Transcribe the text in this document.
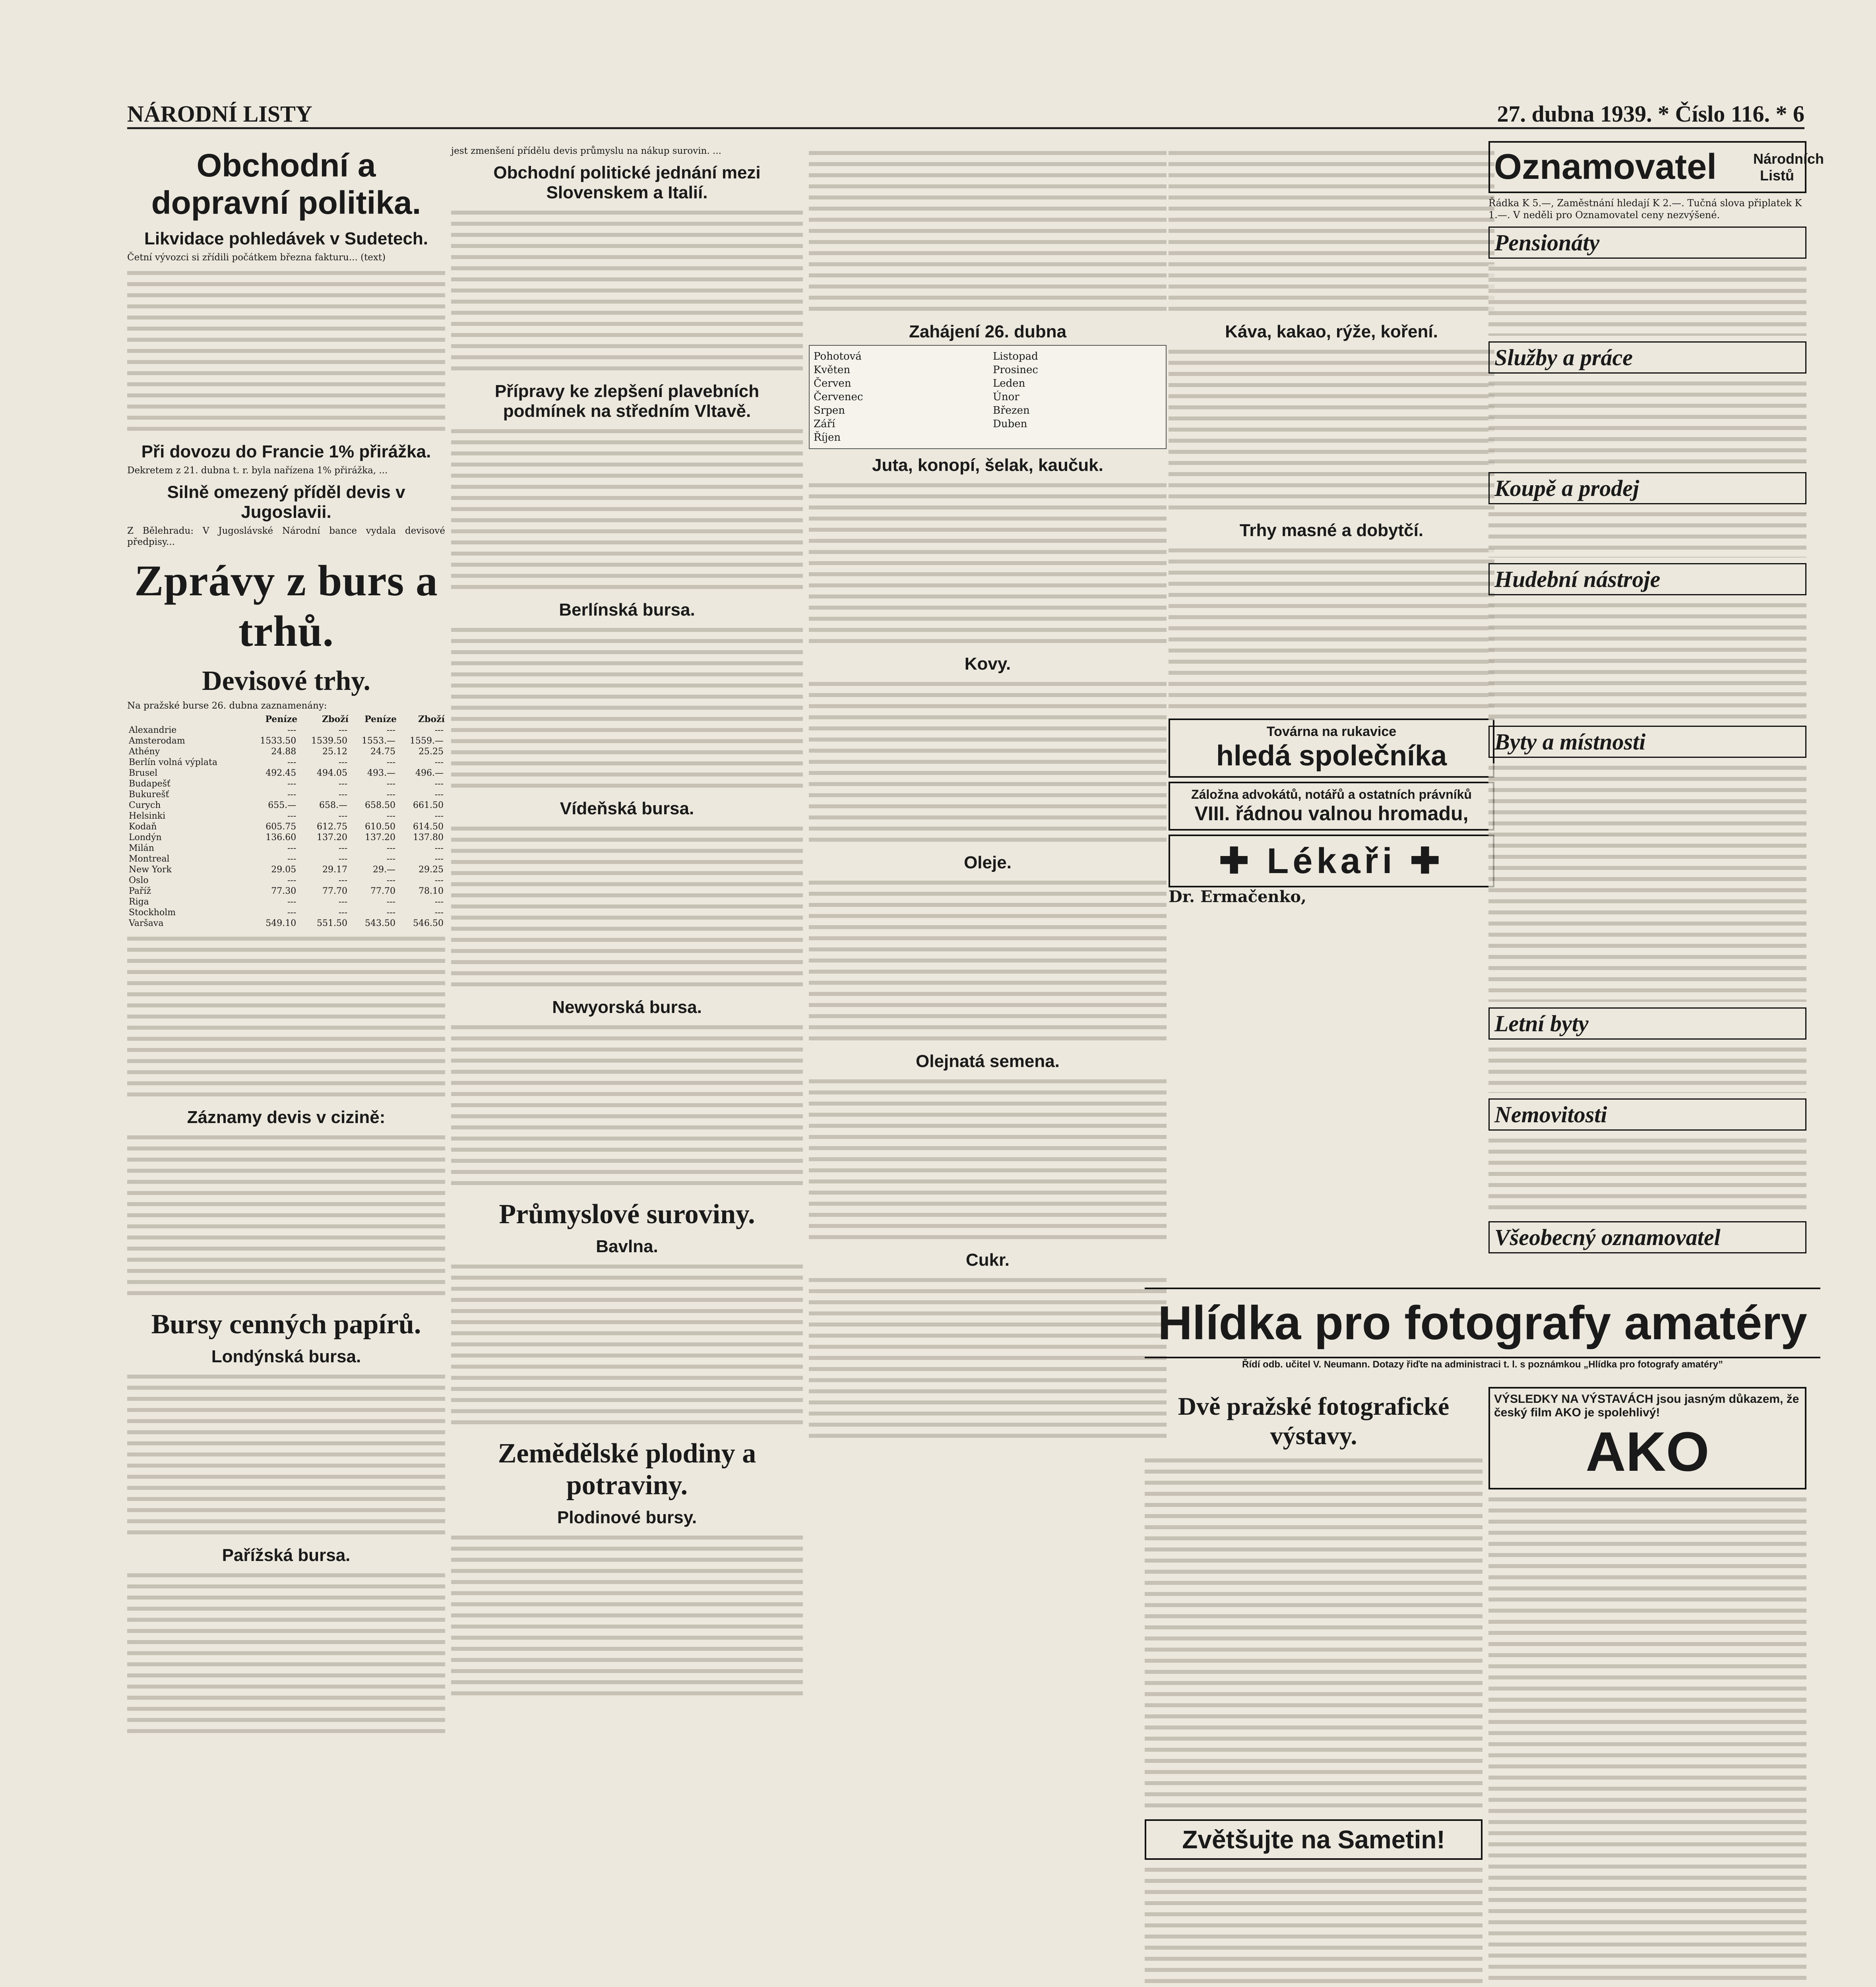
NÁRODNÍ LISTY	27. dubna 1939. * Číslo 116. * 6
Obchodní a dopravní politika.
Likvidace pohledávek v Sudetech.
Četní vývozci si zřídili počátkem března fakturu... (text)
Při dovozu do Francie 1% přirážka.
Dekretem z 21. dubna t. r. byla nařízena 1% přirážka, ...
Silně omezený příděl devis v Jugoslavii.
Z Bělehradu: V Jugoslávské Národní bance vydala devisové předpisy...
Zprávy z burs a trhů.
Devisové trhy.
Na pražské burse 26. dubna zaznamenány:
	Peníze	Zboží	Peníze	Zboží
Alexandrie	---	---	---	---
Amsterodam	1533.50	1539.50	1553.—	1559.—
Athény	24.88	25.12	24.75	25.25
Berlín volná výplata	---	---	---	---
Brusel	492.45	494.05	493.—	496.—
Budapešť	---	---	---	---
Bukurešť	---	---	---	---
Curych	655.—	658.—	658.50	661.50
Helsinki	---	---	---	---
Kodaň	605.75	612.75	610.50	614.50
Londýn	136.60	137.20	137.20	137.80
Milán	---	---	---	---
Montreal	---	---	---	---
New York	29.05	29.17	29.—	29.25
Oslo	---	---	---	---
Paříž	77.30	77.70	77.70	78.10
Riga	---	---	---	---
Stockholm	---	---	---	---
Varšava	549.10	551.50	543.50	546.50
Záznamy devis v cizině:
Bursy cenných papírů.
Londýnská bursa.
Pařížská bursa.
jest zmenšení přídělu devis průmyslu na nákup surovin. ...
Obchodní politické jednání mezi Slovenskem a Italií.
Přípravy ke zlepšení plavebních podmínek na středním Vltavě.
Berlínská bursa.
Vídeňská bursa.
Newyorská bursa.
Průmyslové suroviny.
Bavlna.
Zemědělské plodiny a potraviny.
Plodinové bursy.
Zahájení 26. dubna
Pohotová
Květen
Červen
Červenec
Srpen
Září
Říjen
Listopad
Prosinec
Leden
Únor
Březen
Duben
Juta, konopí, šelak, kaučuk.
Kovy.
Oleje.
Olejnatá semena.
Cukr.
Káva, kakao, rýže, koření.
Trhy masné a dobytčí.
Továrna na rukavice
hledá společníka
Záložna advokátů, notářů a ostatních právníků
VIII. řádnou valnou hromadu,
✚ Lékaři ✚
Dr. Ermačenko,
Oznamovatel	Národních Listů
Řádka K 5.—, Zaměstnání hledají K 2.—. Tučná slova připlatek K 1.—. V neděli pro Oznamovatel ceny nezvýšené.
Pensionáty
Služby a práce
Koupě a prodej
Hudební nástroje
Byty a místnosti
Letní byty
Nemovitosti
Všeobecný oznamovatel
Hlídka pro fotografy amatéry
Řídí odb. učitel V. Neumann. Dotazy řiďte na administraci t. l. s poznámkou „Hlídka pro fotografy amatéry”
Dvě pražské fotografické výstavy.
Zvětšujte na Sametin!
VÝSLEDKY NA VÝSTAVÁCH jsou jasným důkazem, že český film AKO je spolehlivý!
AKO
